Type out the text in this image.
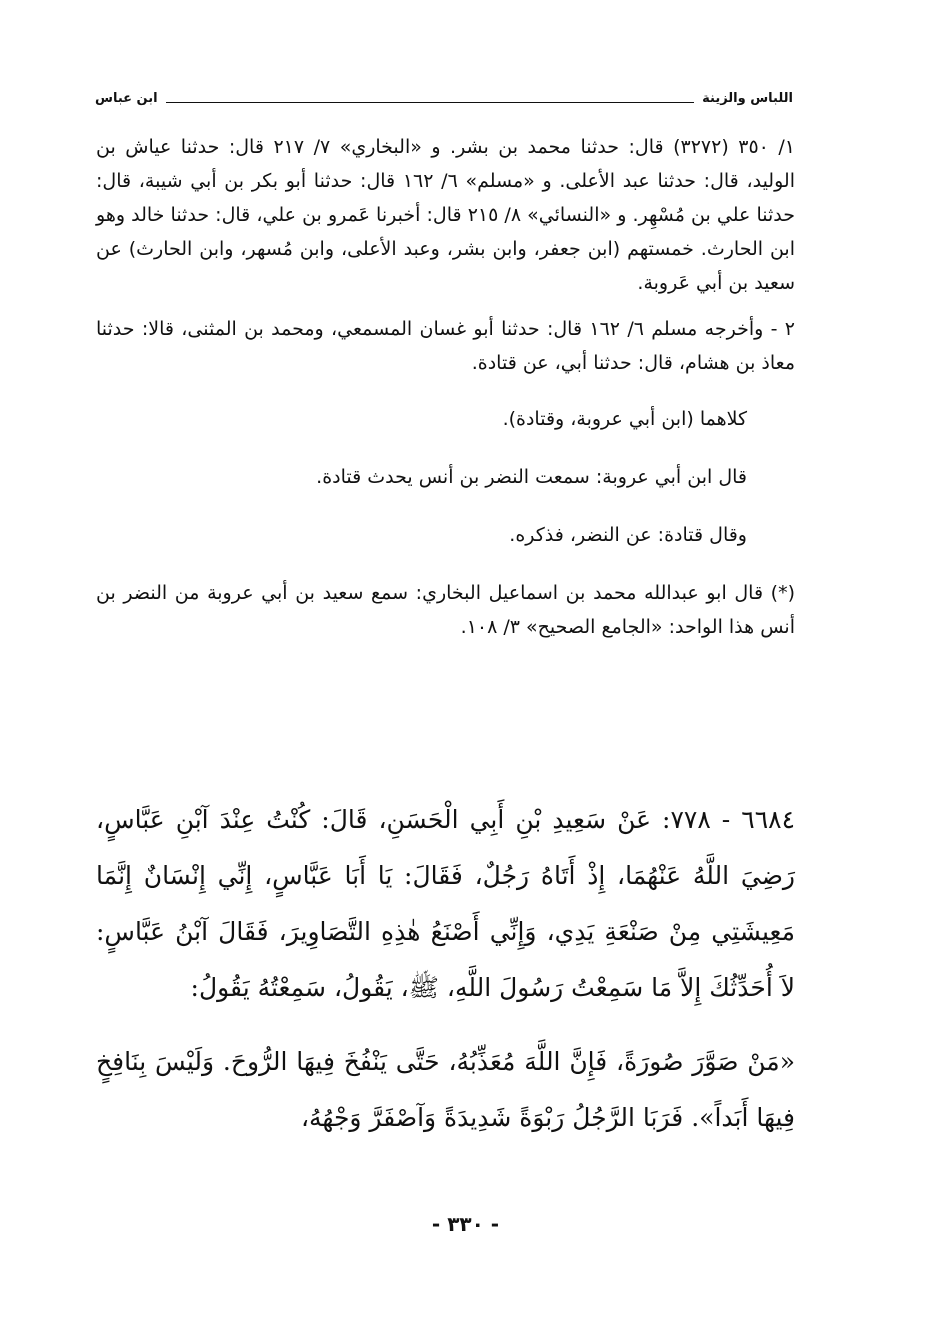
اللباس والزينة
ابن عباس

١/ ٣٥٠ (٣٢٧٢) قال: حدثنا محمد بن بشر. و «البخاري» ٧/ ٢١٧ قال: حدثنا عياش بن الوليد، قال: حدثنا عبد الأعلى. و «مسلم» ٦/ ١٦٢ قال: حدثنا أبو بكر بن أبي شيبة، قال: حدثنا علي بن مُسْهِر. و «النسائي» ٨/ ٢١٥ قال: أخبرنا عَمرو بن علي، قال: حدثنا خالد وهو ابن الحارث. خمستهم (ابن جعفر، وابن بشر، وعبد الأعلى، وابن مُسهر، وابن الحارث) عن سعيد بن أبي عَروبة.

٢ - وأخرجه مسلم ٦/ ١٦٢ قال: حدثنا أبو غسان المسمعي، ومحمد بن المثنى، قالا: حدثنا معاذ بن هشام، قال: حدثنا أبي، عن قتادة.

كلاهما (ابن أبي عروبة، وقتادة).

قال ابن أبي عروبة: سمعت النضر بن أنس يحدث قتادة.

وقال قتادة: عن النضر، فذكره.

(*) قال ابو عبدالله محمد بن اسماعيل البخاري: سمع سعيد بن أبي عروبة من النضر بن أنس هذا الواحد: «الجامع الصحيح» ٣/ ١٠٨.

٦٦٨٤ - ٧٧٨: عَنْ سَعِيدِ بْنِ أَبِي الْحَسَنِ، قَالَ: كُنْتُ عِنْدَ آبْنِ عَبَّاسٍ، رَضِيَ اللَّهُ عَنْهُمَا، إِذْ أَتَاهُ رَجُلٌ، فَقَالَ: يَا أَبَا عَبَّاسٍ، إِنِّي إِنْسَانٌ إِنَّمَا مَعِيشَتِي مِنْ صَنْعَةِ يَدِي، وَإِنِّي أَصْنَعُ هٰذِهِ التَّصَاوِيرَ، فَقَالَ آبْنُ عَبَّاسٍ: لاَ أُحَدِّثُكَ إِلاَّ مَا سَمِعْتُ رَسُولَ اللَّهِ، ﷺ، يَقُولُ، سَمِعْتُهُ يَقُولُ:

«مَنْ صَوَّرَ صُورَةً، فَإِنَّ اللَّهَ مُعَذِّبُهُ، حَتَّى يَنْفُخَ فِيهَا الرُّوحَ. وَلَيْسَ بِنَافِخٍ فِيهَا أَبَداً». فَرَبَا الرَّجُلُ رَبْوَةً شَدِيدَةً وَآصْفَرَّ وَجْهُهُ،

- ٣٣٠ -
